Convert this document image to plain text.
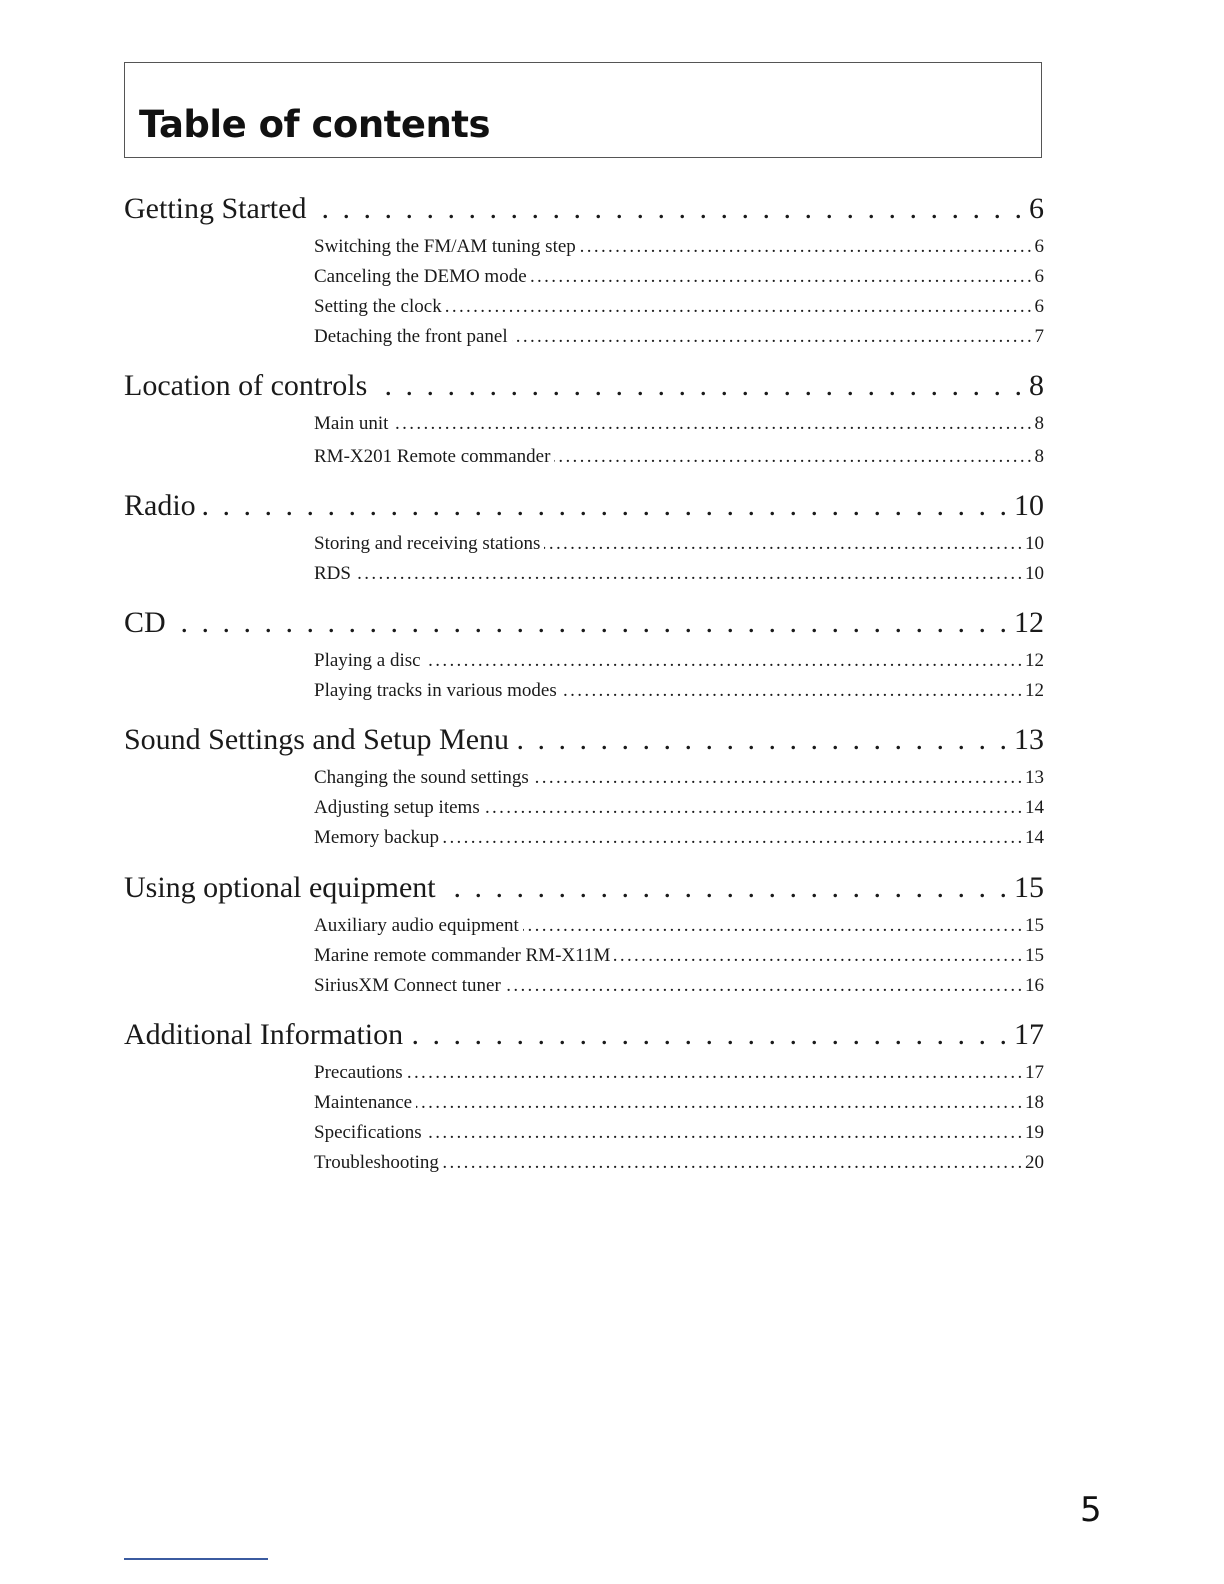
Table of contents
Getting Started . . .	6
Switching the FM/AM tuning step . . .	6
Canceling the DEMO mode . . .	6
Setting the clock . . .	6
Detaching the front panel . . .	7
Location of controls . . .	8
Main unit . . .	8
RM-X201 Remote commander . . .	8
Radio . . .	10
Storing and receiving stations . . .	10
RDS . . .	10
CD . . .	12
Playing a disc . . .	12
Playing tracks in various modes . . .	12
Sound Settings and Setup Menu . . .	13
Changing the sound settings . . .	13
Adjusting setup items . . .	14
Memory backup . . .	14
Using optional equipment . . .	15
Auxiliary audio equipment . . .	15
Marine remote commander RM-X11M . . .	15
SiriusXM Connect tuner . . .	16
Additional Information . . .	17
Precautions . . .	17
Maintenance . . .	18
Specifications . . .	19
Troubleshooting . . .	20
5
